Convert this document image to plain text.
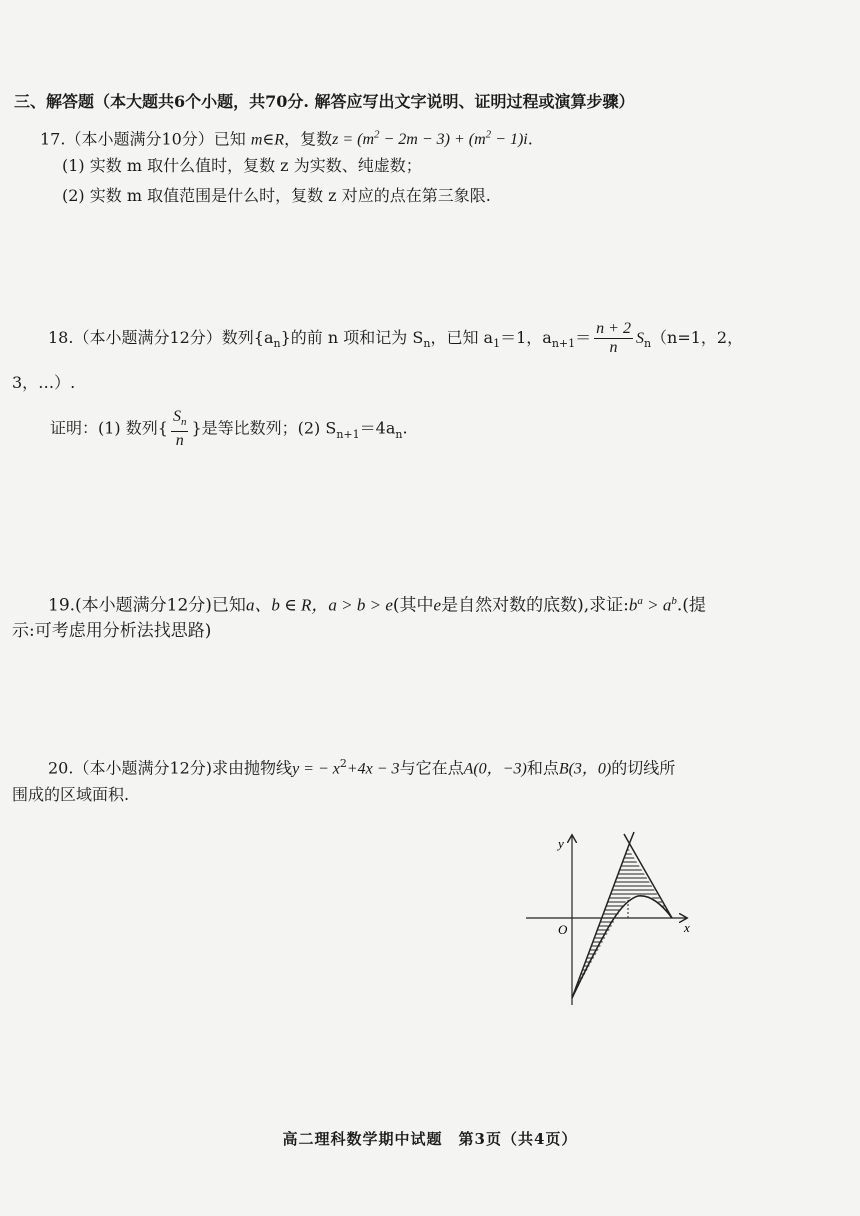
三、解答题（本大题共6个小题，共70分. 解答应写出文字说明、证明过程或演算步骤）
17.（本小题满分10分）已知 m∈R，复数$z = (m^2 - 2m - 3) + (m^2 - 1)i$.
(1) 实数 m 取什么值时，复数 z 为实数、纯虚数；
(2) 实数 m 取值范围是什么时，复数 z 对应的点在第三象限.
18.（本小题满分12分）数列$\{a_n\}$的前 n 项和记为 $S_n$，已知 $a_1=1$，$a_{n+1}= \frac{n + 2}{n} S_n(n=1$，2，
3，…）.
证明：(1) 数列{ $\frac{S_n}{n}$ }是等比数列；(2) $S_{n+1}=4a_n$.
19.(本小题满分12分)已知a、b ∈ R，a > b > e(其中e是自然对数的底数),求证$:b^a > a^b$.(提
示:可考虑用分析法找思路)
20.（本小题满分12分)求由抛物线y = − $x^2+4x - 3$与它在点A(0，−3)和点B(3，0)的切线所
围成的区域面积.
y
x
O
高二理科数学期中试题　第3页（共4页）
